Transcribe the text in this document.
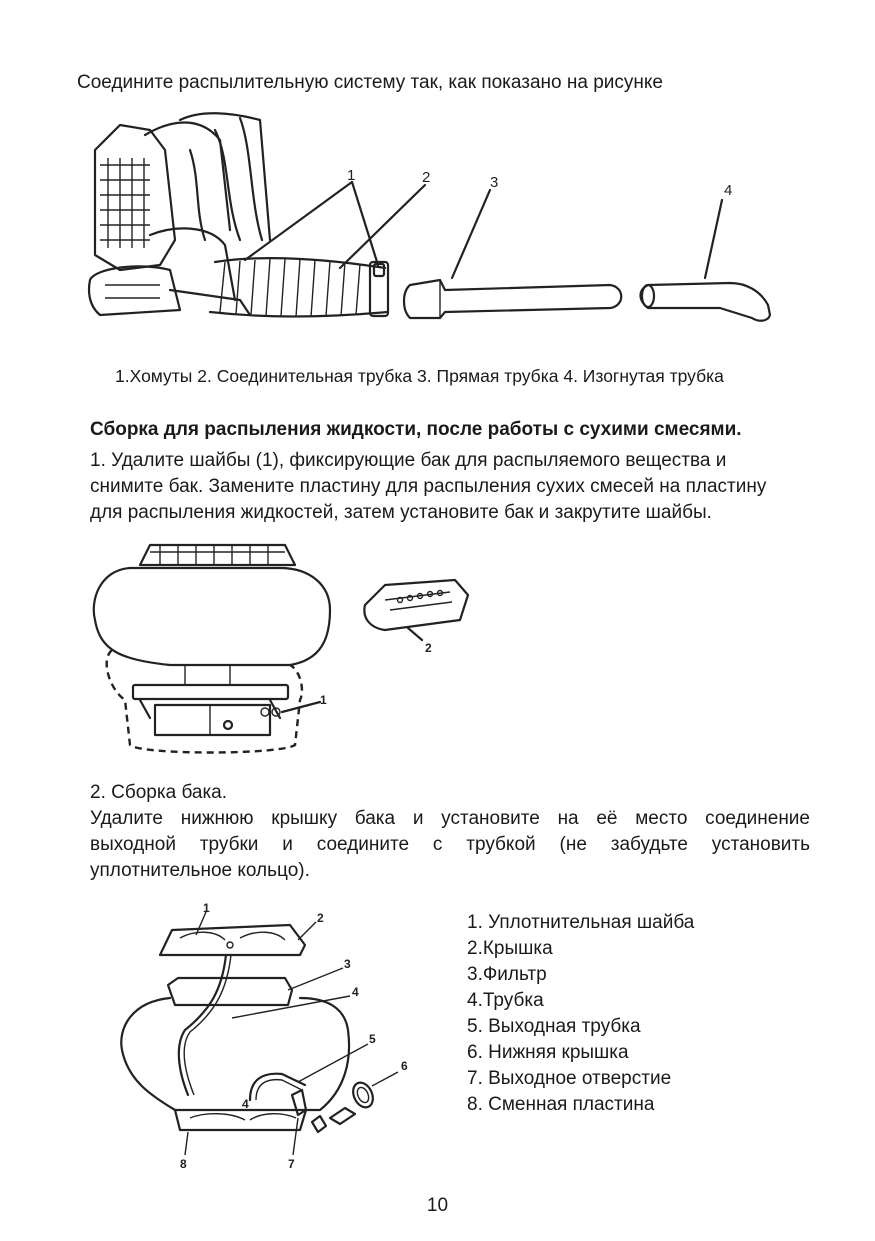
Соедините распылительную систему так, как показано на рисунке
1	2	3	4
1.Хомуты 2. Соединительная трубка 3. Прямая трубка 4. Изогнутая трубка
Сборка для распыления жидкости, после работы с сухими смесями.
1. Удалите шайбы (1), фиксирующие бак для распыляемого вещества и
снимите бак. Замените пластину для распыления сухих смесей на пластину
для распыления жидкостей, затем установите бак и закрутите шайбы.
1
2
2. Сборка бака.
Удалите нижнюю крышку бака и установите на её место соединение
выходной трубки и соедините с трубкой (не забудьте установить
уплотнительное кольцо).
1
2
3
4
5
6
4
7
8
1. Уплотнительная шайба
2.Крышка
3.Фильтр
4.Трубка
5. Выходная трубка
6. Нижняя крышка
7. Выходное отверстие
8. Сменная пластина
10
